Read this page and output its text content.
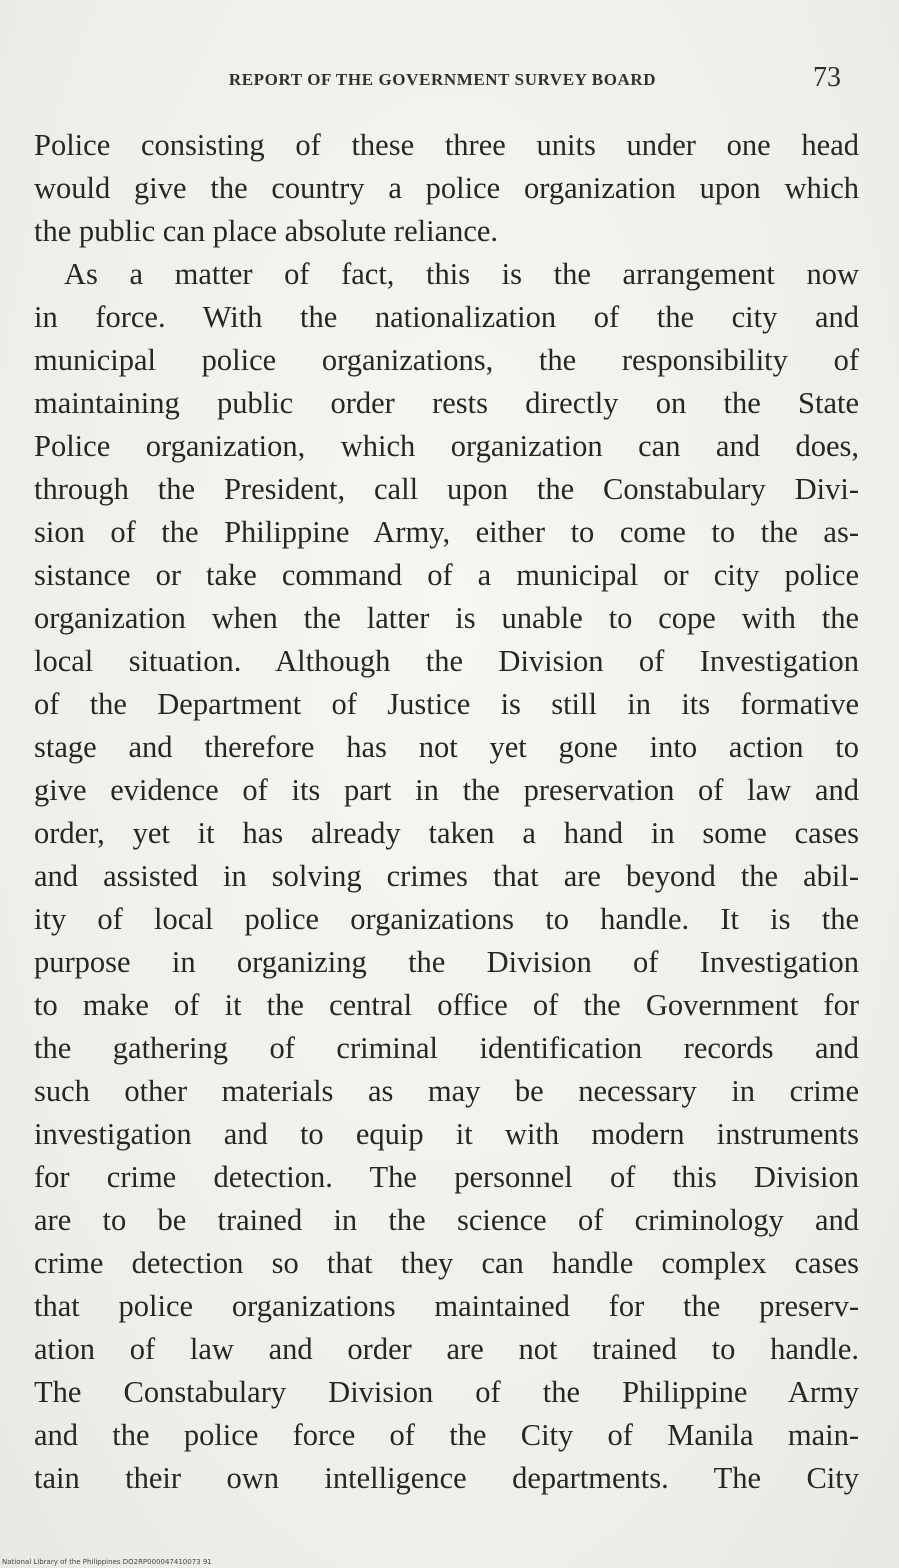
REPORT OF THE GOVERNMENT SURVEY BOARD	73
Police consisting of these three units under one head
would give the country a police organization upon which
the public can place absolute reliance.
As a matter of fact, this is the arrangement now
in force. With the nationalization of the city and
municipal police organizations, the responsibility of
maintaining public order rests directly on the State
Police organization, which organization can and does,
through the President, call upon the Constabulary Divi-
sion of the Philippine Army, either to come to the as-
sistance or take command of a municipal or city police
organization when the latter is unable to cope with the
local situation. Although the Division of Investigation
of the Department of Justice is still in its formative
stage and therefore has not yet gone into action to
give evidence of its part in the preservation of law and
order, yet it has already taken a hand in some cases
and assisted in solving crimes that are beyond the abil-
ity of local police organizations to handle. It is the
purpose in organizing the Division of Investigation
to make of it the central office of the Government for
the gathering of criminal identification records and
such other materials as may be necessary in crime
investigation and to equip it with modern instruments
for crime detection. The personnel of this Division
are to be trained in the science of criminology and
crime detection so that they can handle complex cases
that police organizations maintained for the preserv-
ation of law and order are not trained to handle.
The Constabulary Division of the Philippine Army
and the police force of the City of Manila main-
tain their own intelligence departments. The City
National Library of the Philippines DO2RP000047410073 91
